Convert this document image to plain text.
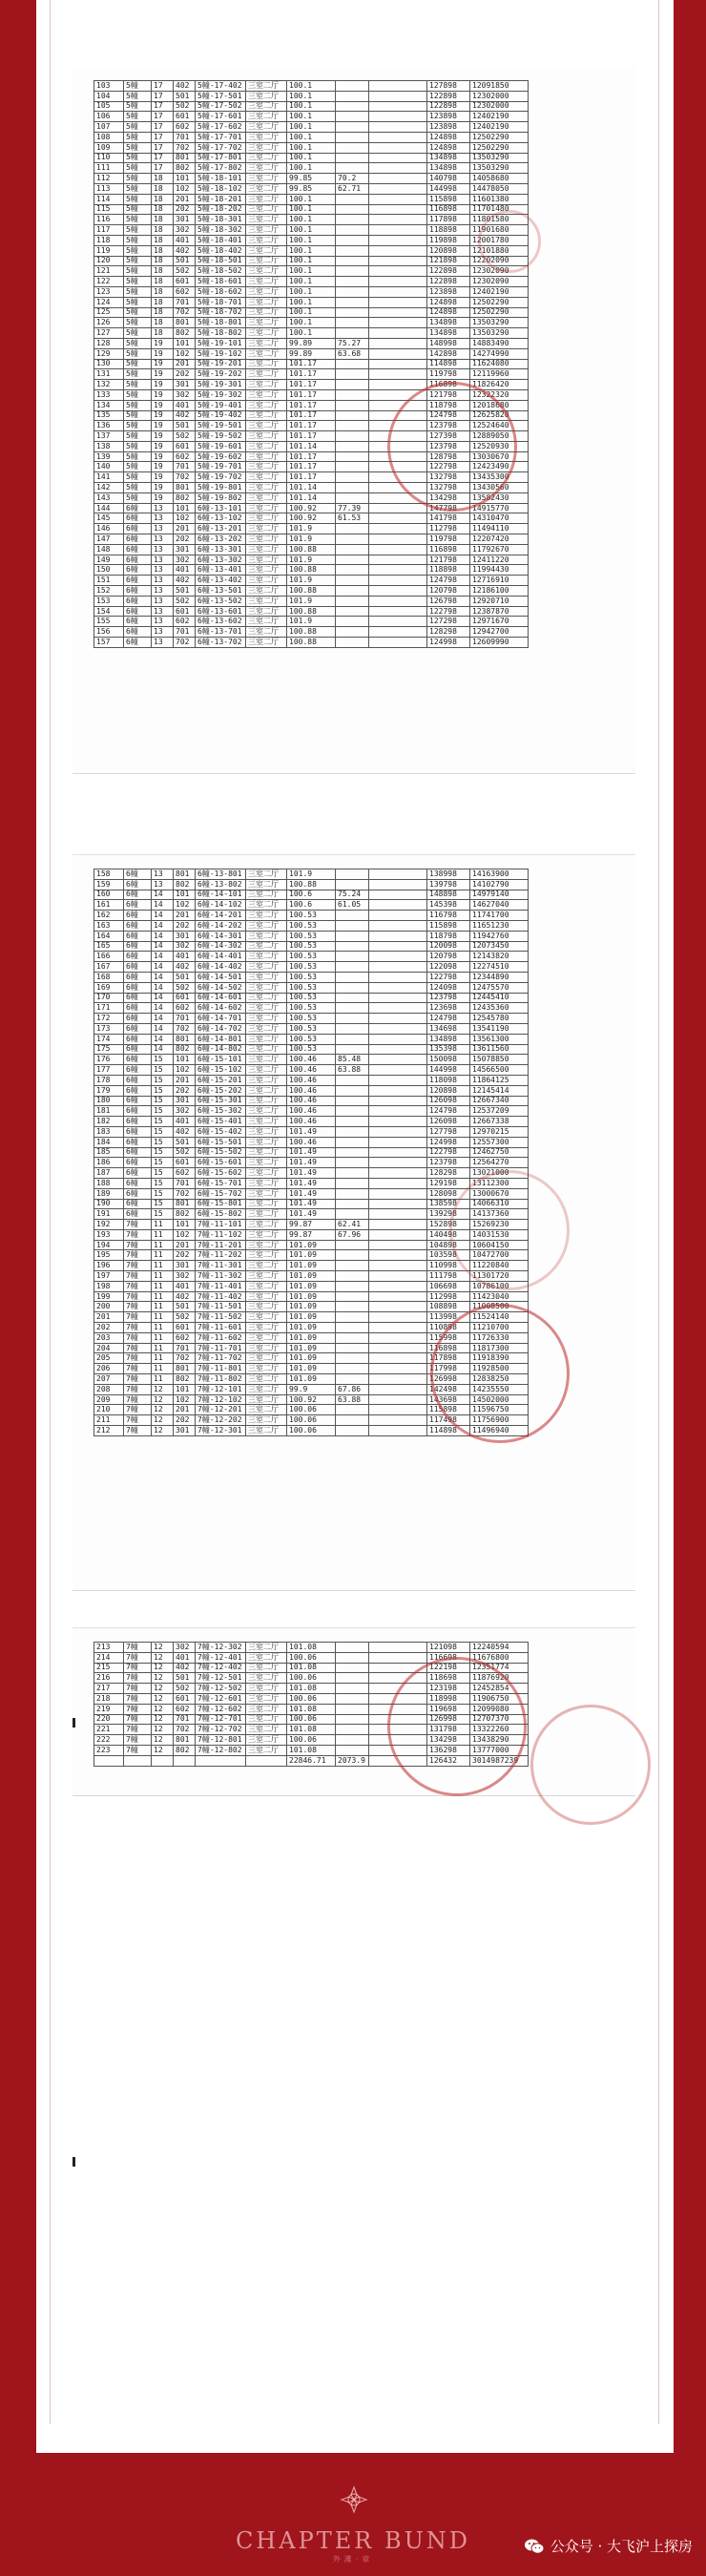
103	5幢	17	402	5幢-17-402	三室二厅	100.1			127898	12091850
104	5幢	17	501	5幢-17-501	三室二厅	100.1			122898	12302000
105	5幢	17	502	5幢-17-502	三室二厅	100.1			122898	12302000
106	5幢	17	601	5幢-17-601	三室二厅	100.1			123898	12402190
107	5幢	17	602	5幢-17-602	三室二厅	100.1			123898	12402190
108	5幢	17	701	5幢-17-701	三室二厅	100.1			124898	12502290
109	5幢	17	702	5幢-17-702	三室二厅	100.1			124898	12502290
110	5幢	17	801	5幢-17-801	三室二厅	100.1			134898	13503290
111	5幢	17	802	5幢-17-802	三室二厅	100.1			134898	13503290
112	5幢	18	101	5幢-18-101	三室二厅	99.85	70.2		140798	14058680
113	5幢	18	102	5幢-18-102	三室二厅	99.85	62.71		144998	14478050
114	5幢	18	201	5幢-18-201	三室二厅	100.1			115898	11601380
115	5幢	18	202	5幢-18-202	三室二厅	100.1			116898	11701480
116	5幢	18	301	5幢-18-301	三室二厅	100.1			117898	11801580
117	5幢	18	302	5幢-18-302	三室二厅	100.1			118898	11901680
118	5幢	18	401	5幢-18-401	三室二厅	100.1			119898	12001780
119	5幢	18	402	5幢-18-402	三室二厅	100.1			120898	12101880
120	5幢	18	501	5幢-18-501	三室二厅	100.1			121898	12202090
121	5幢	18	502	5幢-18-502	三室二厅	100.1			122898	12302090
122	5幢	18	601	5幢-18-601	三室二厅	100.1			122898	12302090
123	5幢	18	602	5幢-18-602	三室二厅	100.1			123898	12402190
124	5幢	18	701	5幢-18-701	三室二厅	100.1			124898	12502290
125	5幢	18	702	5幢-18-702	三室二厅	100.1			124898	12502290
126	5幢	18	801	5幢-18-801	三室二厅	100.1			134898	13503290
127	5幢	18	802	5幢-18-802	三室二厅	100.1			134898	13503290
128	5幢	19	101	5幢-19-101	三室二厅	99.89	75.27		148998	14883490
129	5幢	19	102	5幢-19-102	三室二厅	99.89	63.68		142898	14274990
130	5幢	19	201	5幢-19-201	三室二厅	101.17			114898	11624080
131	5幢	19	202	5幢-19-202	三室二厅	101.17			119798	12119960
132	5幢	19	301	5幢-19-301	三室二厅	101.17			116898	11826420
133	5幢	19	302	5幢-19-302	三室二厅	101.17			121798	12322320
134	5幢	19	401	5幢-19-401	三室二厅	101.17			118798	12018680
135	5幢	19	402	5幢-19-402	三室二厅	101.17			124798	12625820
136	5幢	19	501	5幢-19-501	三室二厅	101.17			123798	12524640
137	5幢	19	502	5幢-19-502	三室二厅	101.17			127398	12889050
138	5幢	19	601	5幢-19-601	三室二厅	101.14			123798	12520930
139	5幢	19	602	5幢-19-602	三室二厅	101.17			128798	13030670
140	5幢	19	701	5幢-19-701	三室二厅	101.17			122798	12423490
141	5幢	19	702	5幢-19-702	三室二厅	101.17			132798	13435300
142	5幢	19	801	5幢-19-801	三室二厅	101.14			132798	13430560
143	5幢	19	802	5幢-19-802	三室二厅	101.14			134298	13582430
144	6幢	13	101	6幢-13-101	三室二厅	100.92	77.39		147798	14915770
145	6幢	13	102	6幢-13-102	三室二厅	100.92	61.53		141798	14310470
146	6幢	13	201	6幢-13-201	三室二厅	101.9			112798	11494110
147	6幢	13	202	6幢-13-202	三室二厅	101.9			119798	12207420
148	6幢	13	301	6幢-13-301	三室二厅	100.88			116898	11792670
149	6幢	13	302	6幢-13-302	三室二厅	101.9			121798	12411220
150	6幢	13	401	6幢-13-401	三室二厅	100.88			118898	11994430
151	6幢	13	402	6幢-13-402	三室二厅	101.9			124798	12716910
152	6幢	13	501	6幢-13-501	三室二厅	100.88			120798	12186100
153	6幢	13	502	6幢-13-502	三室二厅	101.9			126798	12920710
154	6幢	13	601	6幢-13-601	三室二厅	100.88			122798	12387870
155	6幢	13	602	6幢-13-602	三室二厅	101.9			127298	12971670
156	6幢	13	701	6幢-13-701	三室二厅	100.88			128298	12942700
157	6幢	13	702	6幢-13-702	三室二厅	100.88			124998	12609990
158	6幢	13	801	6幢-13-801	三室二厅	101.9			138998	14163900
159	6幢	13	802	6幢-13-802	三室二厅	100.88			139798	14102790
160	6幢	14	101	6幢-14-101	三室二厅	100.6	75.24		148898	14979140
161	6幢	14	102	6幢-14-102	三室二厅	100.6	61.05		145398	14627040
162	6幢	14	201	6幢-14-201	三室二厅	100.53			116798	11741700
163	6幢	14	202	6幢-14-202	三室二厅	100.53			115898	11651230
164	6幢	14	301	6幢-14-301	三室二厅	100.53			118798	11942760
165	6幢	14	302	6幢-14-302	三室二厅	100.53			120098	12073450
166	6幢	14	401	6幢-14-401	三室二厅	100.53			120798	12143820
167	6幢	14	402	6幢-14-402	三室二厅	100.53			122098	12274510
168	6幢	14	501	6幢-14-501	三室二厅	100.53			122798	12344890
169	6幢	14	502	6幢-14-502	三室二厅	100.53			124098	12475570
170	6幢	14	601	6幢-14-601	三室二厅	100.53			123798	12445410
171	6幢	14	602	6幢-14-602	三室二厅	100.53			123698	12435360
172	6幢	14	701	6幢-14-701	三室二厅	100.53			124798	12545780
173	6幢	14	702	6幢-14-702	三室二厅	100.53			134698	13541190
174	6幢	14	801	6幢-14-801	三室二厅	100.53			134898	13561300
175	6幢	14	802	6幢-14-802	三室二厅	100.53			135398	13611560
176	6幢	15	101	6幢-15-101	三室二厅	100.46	85.48		150098	15078850
177	6幢	15	102	6幢-15-102	三室二厅	100.46	63.88		144998	14566500
178	6幢	15	201	6幢-15-201	三室二厅	100.46			118098	11864125
179	6幢	15	202	6幢-15-202	三室二厅	100.46			120898	12145414
180	6幢	15	301	6幢-15-301	三室二厅	100.46			126098	12667340
181	6幢	15	302	6幢-15-302	三室二厅	100.46			124798	12537209
182	6幢	15	401	6幢-15-401	三室二厅	100.46			126098	12667338
183	6幢	15	402	6幢-15-402	三室二厅	101.49			127798	12970215
184	6幢	15	501	6幢-15-501	三室二厅	100.46			124998	12557300
185	6幢	15	502	6幢-15-502	三室二厅	101.49			122798	12462750
186	6幢	15	601	6幢-15-601	三室二厅	101.49			123798	12564270
187	6幢	15	602	6幢-15-602	三室二厅	101.49			128298	13021000
188	6幢	15	701	6幢-15-701	三室二厅	101.49			129198	13112300
189	6幢	15	702	6幢-15-702	三室二厅	101.49			128098	13000670
190	6幢	15	801	6幢-15-801	三室二厅	101.49			138598	14066310
191	6幢	15	802	6幢-15-802	三室二厅	101.49			139298	14137360
192	7幢	11	101	7幢-11-101	三室二厅	99.87	62.41		152898	15269230
193	7幢	11	102	7幢-11-102	三室二厅	99.87	67.96		140498	14031530
194	7幢	11	201	7幢-11-201	三室二厅	101.09			104898	10604150
195	7幢	11	202	7幢-11-202	三室二厅	101.09			103598	10472700
196	7幢	11	301	7幢-11-301	三室二厅	101.09			110998	11220840
197	7幢	11	302	7幢-11-302	三室二厅	101.09			111798	11301720
198	7幢	11	401	7幢-11-401	三室二厅	101.09			106698	10786100
199	7幢	11	402	7幢-11-402	三室二厅	101.09			112998	11423040
200	7幢	11	501	7幢-11-501	三室二厅	101.09			108898	11008500
201	7幢	11	502	7幢-11-502	三室二厅	101.09			113998	11524140
202	7幢	11	601	7幢-11-601	三室二厅	101.09			110898	11210700
203	7幢	11	602	7幢-11-602	三室二厅	101.09			115998	11726330
204	7幢	11	701	7幢-11-701	三室二厅	101.09			116898	11817300
205	7幢	11	702	7幢-11-702	三室二厅	101.09			117898	11918390
206	7幢	11	801	7幢-11-801	三室二厅	101.09			117998	11928500
207	7幢	11	802	7幢-11-802	三室二厅	101.09			126998	12838250
208	7幢	12	101	7幢-12-101	三室二厅	99.9	67.86		142498	14235550
209	7幢	12	102	7幢-12-102	三室二厅	100.92	63.88		143698	14502000
210	7幢	12	201	7幢-12-201	三室二厅	100.06			115898	11596750
211	7幢	12	202	7幢-12-202	三室二厅	100.06			117498	11756900
212	7幢	12	301	7幢-12-301	三室二厅	100.06			114898	11496940
213	7幢	12	302	7幢-12-302	三室二厅	101.08			121098	12240594
214	7幢	12	401	7幢-12-401	三室二厅	100.06			116698	11676800
215	7幢	12	402	7幢-12-402	三室二厅	101.08			122198	12351774
216	7幢	12	501	7幢-12-501	三室二厅	100.06			118698	11876920
217	7幢	12	502	7幢-12-502	三室二厅	101.08			123198	12452854
218	7幢	12	601	7幢-12-601	三室二厅	100.06			118998	11906750
219	7幢	12	602	7幢-12-602	三室二厅	101.08			119698	12099080
220	7幢	12	701	7幢-12-701	三室二厅	100.06			126998	12707370
221	7幢	12	702	7幢-12-702	三室二厅	101.08			131798	13322260
222	7幢	12	801	7幢-12-801	三室二厅	100.06			134298	13438290
223	7幢	12	802	7幢-12-802	三室二厅	101.08			136298	13777000
						22846.71	2073.9		126432	3014987239
CHAPTER BUND
外滩·章
公众号 · 大飞沪上探房
